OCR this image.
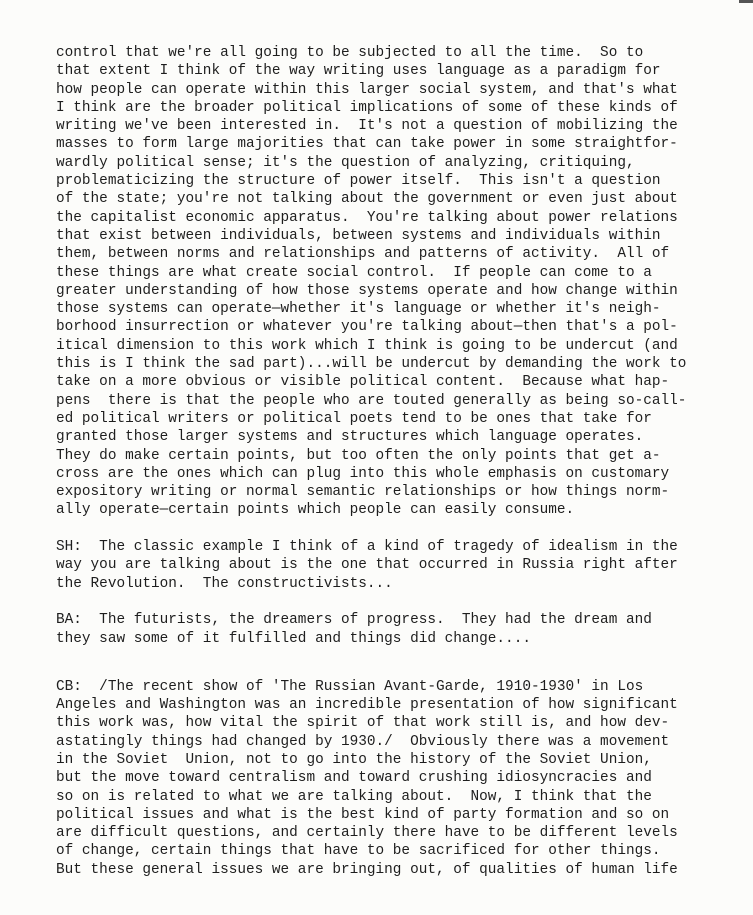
control that we're all going to be subjected to all the time.  So to
that extent I think of the way writing uses language as a paradigm for
how people can operate within this larger social system, and that's what
I think are the broader political implications of some of these kinds of
writing we've been interested in.  It's not a question of mobilizing the
masses to form large majorities that can take power in some straightfor-
wardly political sense; it's the question of analyzing, critiquing,
problematicizing the structure of power itself.  This isn't a question
of the state; you're not talking about the government or even just about
the capitalist economic apparatus.  You're talking about power relations
that exist between individuals, between systems and individuals within
them, between norms and relationships and patterns of activity.  All of
these things are what create social control.  If people can come to a
greater understanding of how those systems operate and how change within
those systems can operate—whether it's language or whether it's neigh-
borhood insurrection or whatever you're talking about—then that's a pol-
itical dimension to this work which I think is going to be undercut (and
this is I think the sad part)...will be undercut by demanding the work to
take on a more obvious or visible political content.  Because what hap-
pens  there is that the people who are touted generally as being so-call-
ed political writers or political poets tend to be ones that take for
granted those larger systems and structures which language operates.
They do make certain points, but too often the only points that get a-
cross are the ones which can plug into this whole emphasis on customary
expository writing or normal semantic relationships or how things norm-
ally operate—certain points which people can easily consume.
SH:  The classic example I think of a kind of tragedy of idealism in the
way you are talking about is the one that occurred in Russia right after
the Revolution.  The constructivists...
BA:  The futurists, the dreamers of progress.  They had the dream and
they saw some of it fulfilled and things did change....
CB:  /The recent show of 'The Russian Avant-Garde, 1910-1930' in Los
Angeles and Washington was an incredible presentation of how significant
this work was, how vital the spirit of that work still is, and how dev-
astatingly things had changed by 1930./  Obviously there was a movement
in the Soviet  Union, not to go into the history of the Soviet Union,
but the move toward centralism and toward crushing idiosyncracies and
so on is related to what we are talking about.  Now, I think that the
political issues and what is the best kind of party formation and so on
are difficult questions, and certainly there have to be different levels
of change, certain things that have to be sacrificed for other things.
But these general issues we are bringing out, of qualities of human life
